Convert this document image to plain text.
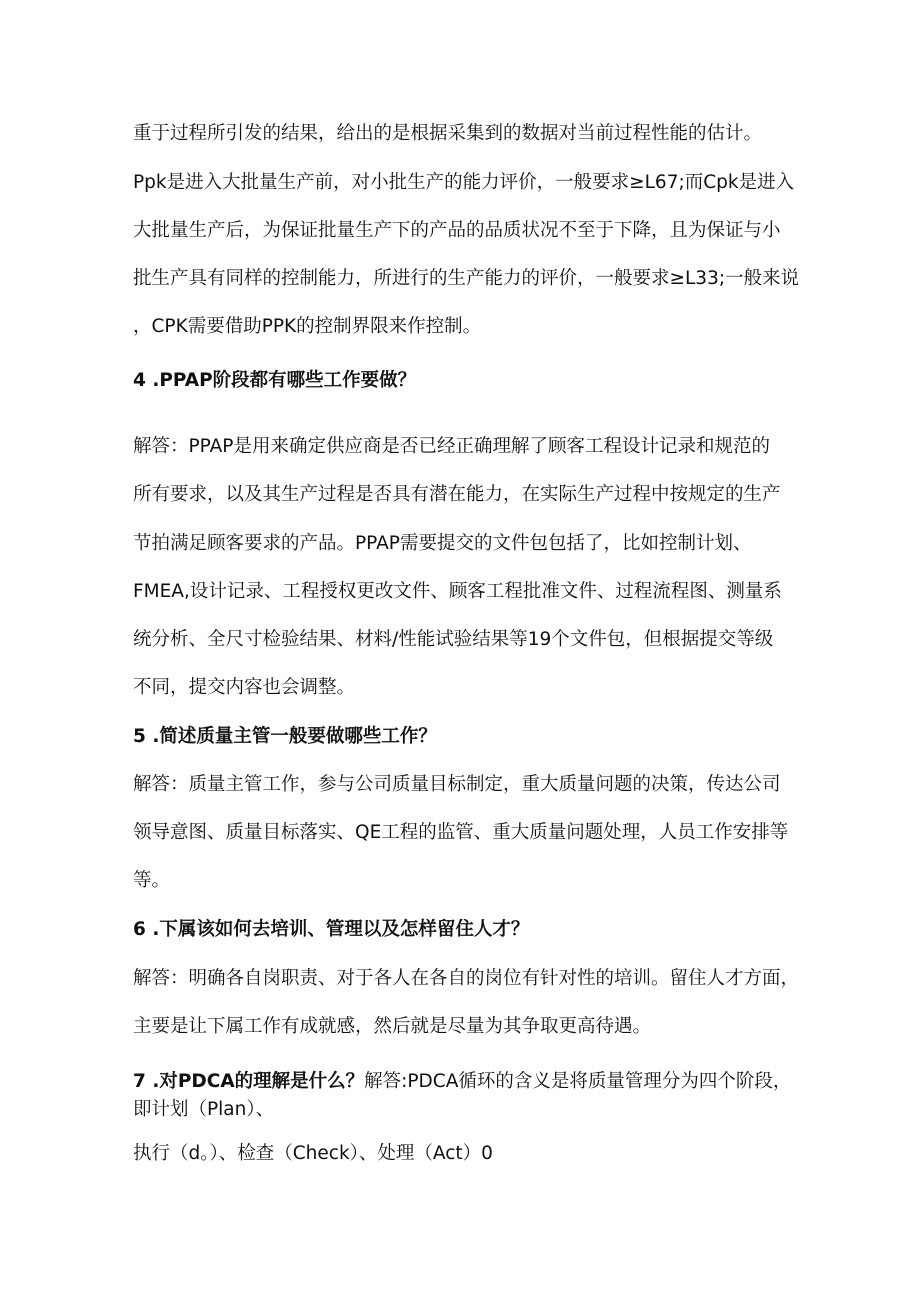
重于过程所引发的结果，给出的是根据采集到的数据对当前过程性能的估计。
Ppk是进入大批量生产前，对小批生产的能力评价，一般要求≥L67;而Cpk是进入
大批量生产后，为保证批量生产下的产品的品质状况不至于下降，且为保证与小
批生产具有同样的控制能力，所进行的生产能力的评价，一般要求≥L33;一般来说
，CPK需要借助PPK的控制界限来作控制。
4 .PPAP阶段都有哪些工作要做？
解答：PPAP是用来确定供应商是否已经正确理解了顾客工程设计记录和规范的
所有要求，以及其生产过程是否具有潜在能力，在实际生产过程中按规定的生产
节拍满足顾客要求的产品。PPAP需要提交的文件包包括了，比如控制计划、
FMEA,设计记录、工程授权更改文件、顾客工程批准文件、过程流程图、测量系
统分析、全尺寸检验结果、材料/性能试验结果等19个文件包，但根据提交等级
不同，提交内容也会调整。
5 .简述质量主管一般要做哪些工作？
解答：质量主管工作，参与公司质量目标制定，重大质量问题的决策，传达公司
领导意图、质量目标落实、QE工程的监管、重大质量问题处理，人员工作安排等
等。
6 .下属该如何去培训、管理以及怎样留住人才？
解答：明确各自岗职责、对于各人在各自的岗位有针对性的培训。留住人才方面，
主要是让下属工作有成就感，然后就是尽量为其争取更高待遇。
7 .对PDCA的理解是什么？解答:PDCA循环的含义是将质量管理分为四个阶段，
即计划（Plan）、
执行（d。）、检查（Check）、处理（Act）0
